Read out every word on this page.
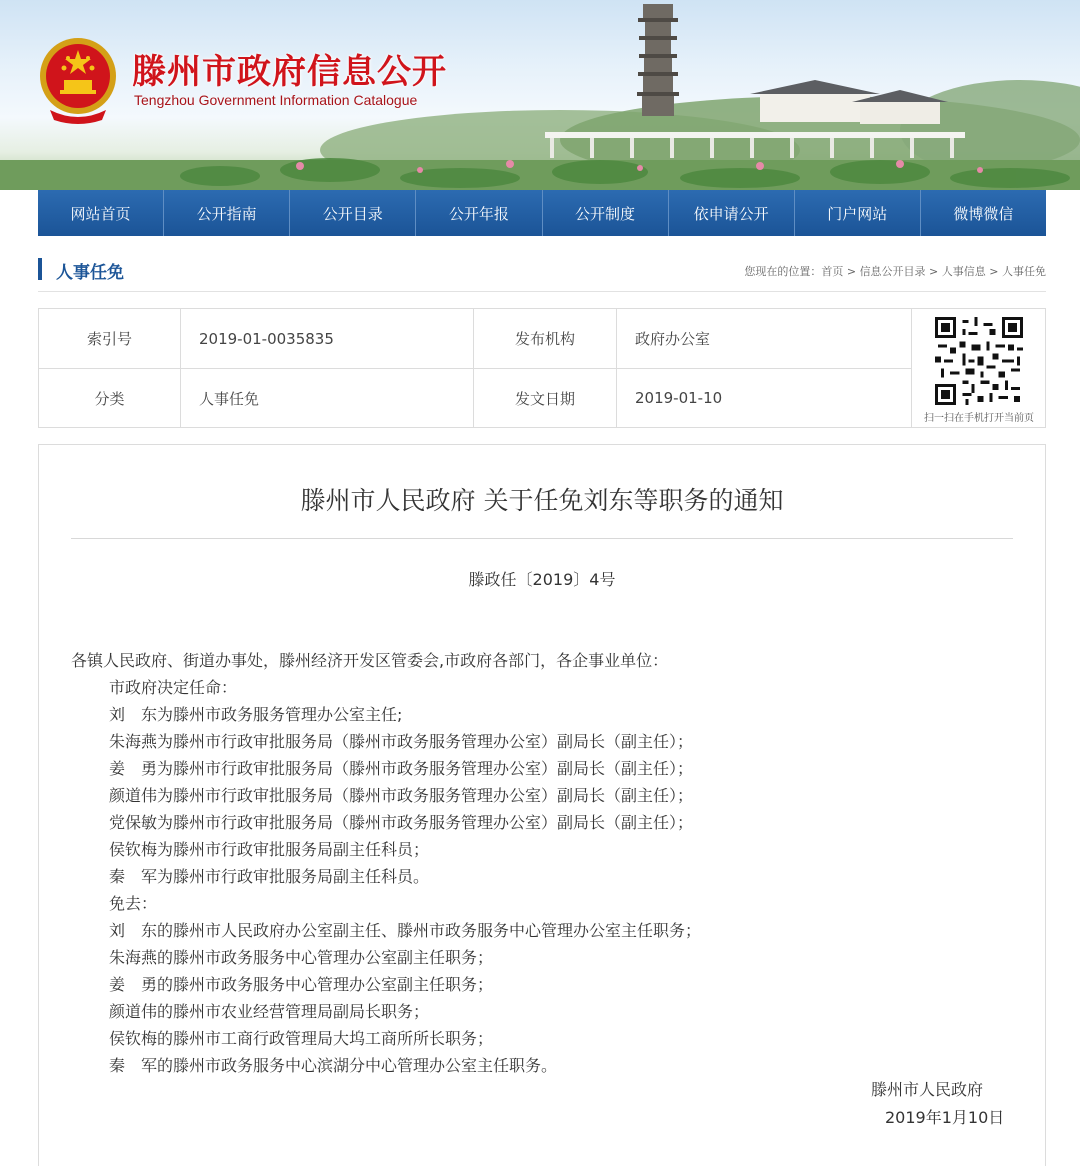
滕州市政府信息公开
Tengzhou Government Information Catalogue
网站首页	公开指南	公开目录	公开年报	公开制度	依申请公开	门户网站	微博微信
人事任免	您现在的位置：首页 > 信息公开目录 > 人事信息 > 人事任免
索引号	2019-01-0035835	发布机构	政府办公室
分类	人事任免	发文日期	2019-01-10
扫一扫在手机打开当前页
滕州市人民政府 关于任免刘东等职务的通知
滕政任〔2019〕4号
各镇人民政府、街道办事处，滕州经济开发区管委会,市政府各部门，各企事业单位：
市政府决定任命：
刘　东为滕州市政务服务管理办公室主任;
朱海燕为滕州市行政审批服务局（滕州市政务服务管理办公室）副局长（副主任）；
姜　勇为滕州市行政审批服务局（滕州市政务服务管理办公室）副局长（副主任）；
颜道伟为滕州市行政审批服务局（滕州市政务服务管理办公室）副局长（副主任）；
党保敏为滕州市行政审批服务局（滕州市政务服务管理办公室）副局长（副主任）；
侯钦梅为滕州市行政审批服务局副主任科员；
秦　军为滕州市行政审批服务局副主任科员。
免去：
刘　东的滕州市人民政府办公室副主任、滕州市政务服务中心管理办公室主任职务；
朱海燕的滕州市政务服务中心管理办公室副主任职务；
姜　勇的滕州市政务服务中心管理办公室副主任职务；
颜道伟的滕州市农业经营管理局副局长职务；
侯钦梅的滕州市工商行政管理局大坞工商所所长职务；
秦　军的滕州市政务服务中心滨湖分中心管理办公室主任职务。
滕州市人民政府
2019年1月10日
